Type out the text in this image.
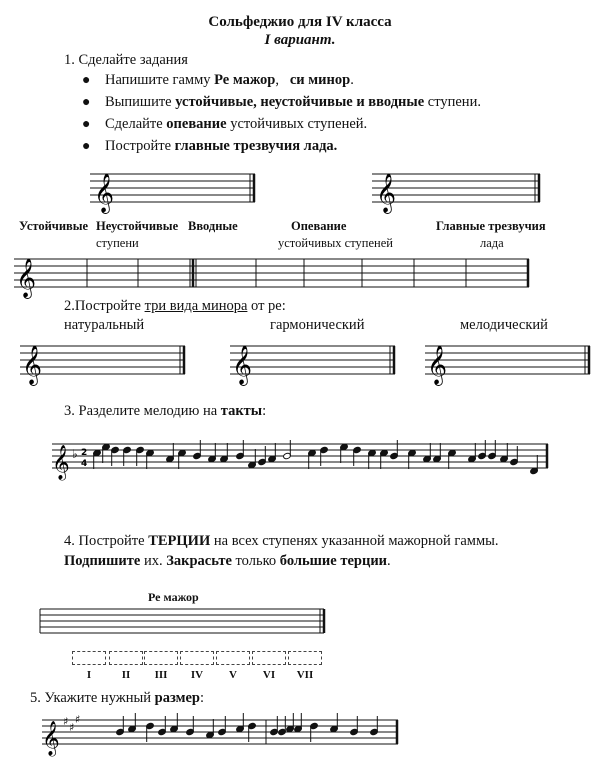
Сольфеджио для IV класса
I вариант.
1. Сделайте задания
● Напишите гамму Ре мажор,   си минор.
● Выпишите устойчивые, неустойчивые и вводные ступени.
● Сделайте опевание устойчивых ступеней.
● Постройте главные трезвучия лада.
𝄞	𝄞
Устойчивые Неустойчивые Вводные
ступени
Опевание
устойчивых ступеней
Главные трезвучия
лада
𝄞
2.Постройте три вида минора от ре:
натуральный	гармонический	мелодический
𝄞	𝄞	𝄞
3. Разделите мелодию на такты:
𝄞 ♭ 2
4
4. Постройте ТЕРЦИИ на всех ступенях указанной мажорной гаммы.
Подпишите их. Закрасьте только большие терции.
Ре мажор
I	II	III	IV	V	VI	VII
5. Укажите нужный размер:
𝄞 ♯ ♯
♯
